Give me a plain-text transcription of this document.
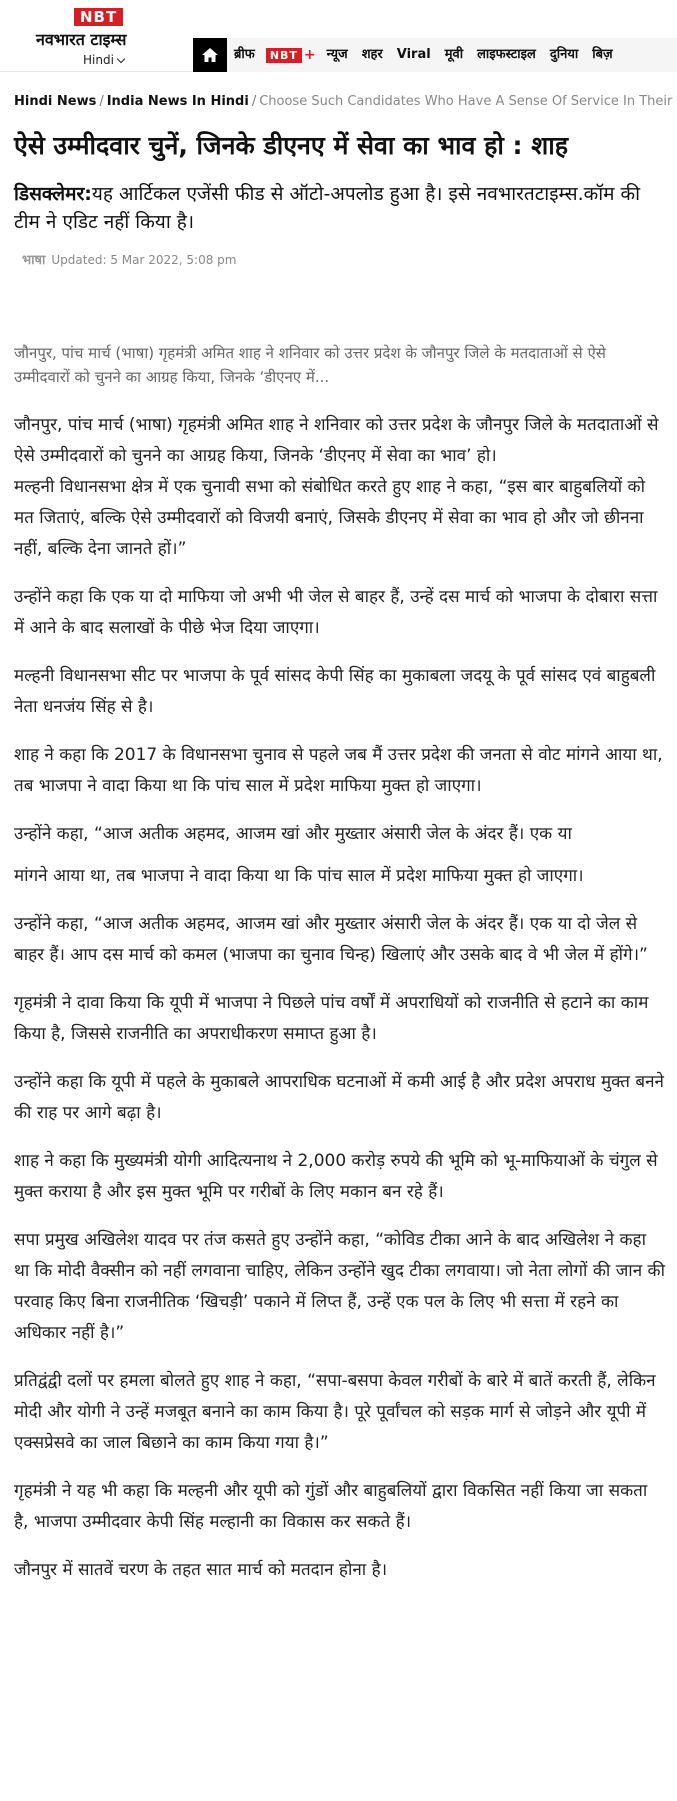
NBT
नवभारत टाइम्स
Hindi	ब्रीफ	NBT + न्यूज	शहर	Viral	मूवी	लाइफस्टाइल	दुनिया	बिज़
Hindi News / India News In Hindi / Choose Such Candidates Who Have A Sense Of Service In Their
ऐसे उम्मीदवार चुनें, जिनके डीएनए में सेवा का भाव हो : शाह
डिसक्लेमर:यह आर्टिकल एजेंसी फीड से ऑटो-अपलोड हुआ है। इसे नवभारतटाइम्स.कॉम की टीम ने एडिट नहीं किया है।
भाषा Updated: 5 Mar 2022, 5:08 pm
जौनपुर, पांच मार्च (भाषा) गृहमंत्री अमित शाह ने शनिवार को उत्तर प्रदेश के जौनपुर जिले के मतदाताओं से ऐसे उम्मीदवारों को चुनने का आग्रह किया, जिनके ‘डीएनए में...

जौनपुर, पांच मार्च (भाषा) गृहमंत्री अमित शाह ने शनिवार को उत्तर प्रदेश के जौनपुर जिले के मतदाताओं से ऐसे उम्मीदवारों को चुनने का आग्रह किया, जिनके ‘डीएनए में सेवा का भाव’ हो।

मल्हनी विधानसभा क्षेत्र में एक चुनावी सभा को संबोधित करते हुए शाह ने कहा, “इस बार बाहुबलियों को मत जिताएं, बल्कि ऐसे उम्मीदवारों को विजयी बनाएं, जिसके डीएनए में सेवा का भाव हो और जो छीनना नहीं, बल्कि देना जानते हों।”

उन्होंने कहा कि एक या दो माफिया जो अभी भी जेल से बाहर हैं, उन्हें दस मार्च को भाजपा के दोबारा सत्ता में आने के बाद सलाखों के पीछे भेज दिया जाएगा।

मल्हनी विधानसभा सीट पर भाजपा के पूर्व सांसद केपी सिंह का मुकाबला जदयू के पूर्व सांसद एवं बाहुबली नेता धनजंय सिंह से है।

शाह ने कहा कि 2017 के विधानसभा चुनाव से पहले जब मैं उत्तर प्रदेश की जनता से वोट मांगने आया था, तब भाजपा ने वादा किया था कि पांच साल में प्रदेश माफिया मुक्त हो जाएगा।

उन्होंने कहा, “आज अतीक अहमद, आजम खां और मुख्तार अंसारी जेल के अंदर हैं। एक या

मांगने आया था, तब भाजपा ने वादा किया था कि पांच साल में प्रदेश माफिया मुक्त हो जाएगा।

उन्होंने कहा, “आज अतीक अहमद, आजम खां और मुख्तार अंसारी जेल के अंदर हैं। एक या दो जेल से बाहर हैं। आप दस मार्च को कमल (भाजपा का चुनाव चिन्ह) खिलाएं और उसके बाद वे भी जेल में होंगे।”

गृहमंत्री ने दावा किया कि यूपी में भाजपा ने पिछले पांच वर्षों में अपराधियों को राजनीति से हटाने का काम किया है, जिससे राजनीति का अपराधीकरण समाप्त हुआ है।

उन्होंने कहा कि यूपी में पहले के मुकाबले आपराधिक घटनाओं में कमी आई है और प्रदेश अपराध मुक्त बनने की राह पर आगे बढ़ा है।

शाह ने कहा कि मुख्यमंत्री योगी आदित्यनाथ ने 2,000 करोड़ रुपये की भूमि को भू-माफियाओं के चंगुल से मुक्त कराया है और इस मुक्त भूमि पर गरीबों के लिए मकान बन रहे हैं।

सपा प्रमुख अखिलेश यादव पर तंज कसते हुए उन्होंने कहा, “कोविड टीका आने के बाद अखिलेश ने कहा था कि मोदी वैक्सीन को नहीं लगवाना चाहिए, लेकिन उन्होंने खुद टीका लगवाया। जो नेता लोगों की जान की परवाह किए बिना राजनीतिक ‘खिचड़ी’ पकाने में लिप्त हैं, उन्हें एक पल के लिए भी सत्ता में रहने का अधिकार नहीं है।”

प्रतिद्वंद्वी दलों पर हमला बोलते हुए शाह ने कहा, “सपा-बसपा केवल गरीबों के बारे में बातें करती हैं, लेकिन मोदी और योगी ने उन्हें मजबूत बनाने का काम किया है। पूरे पूर्वांचल को सड़क मार्ग से जोड़ने और यूपी में एक्सप्रेसवे का जाल बिछाने का काम किया गया है।”

गृहमंत्री ने यह भी कहा कि मल्हनी और यूपी को गुंडों और बाहुबलियों द्वारा विकसित नहीं किया जा सकता है, भाजपा उम्मीदवार केपी सिंह मल्हानी का विकास कर सकते हैं।

जौनपुर में सातवें चरण के तहत सात मार्च को मतदान होना है।
